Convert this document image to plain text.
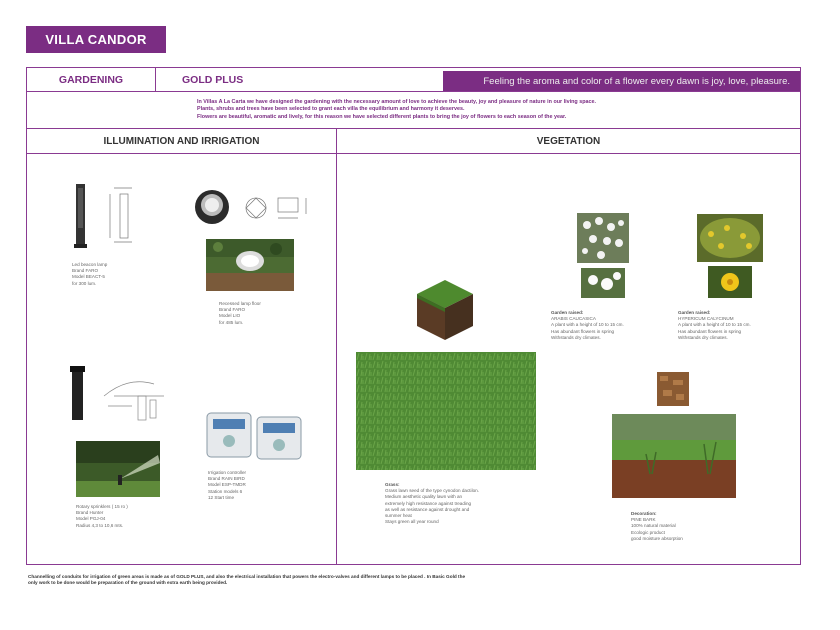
VILLA CANDOR
GARDENING	GOLD PLUS	Feeling the aroma and color of a flower every dawn is joy, love, pleasure.
In Villas A La Carta we have designed the gardening with the necessary amount of love to achieve the beauty, joy and pleasure of nature in our living space.
Plants, shrubs and trees have been selected to grant each villa the equilibrium and harmony it deserves.
Flowers are beautiful, aromatic and lively, for this reason we have selected different plants to bring the joy of flowers to each season of the year.
ILLUMINATION AND IRRIGATION	VEGETATION
Led beacon lamp
Brand FARO
Model BEACT-5
for 300 lum.
Recessed lamp floor
Brand FARO
Model LIO
for 485 lum.
Rotary sprinklers ( 15 ro )
Brand Hunter
Model PGJ-04
Radius 4,3 to 10,6 mts.
Irrigation controller
Brand RAIN BIRD
Model ESP-TMDR
Station models 6
12 Start time
Grass:
Grass lawn seed of the type cynodon dactilon.
Medium aesthetic quality lawn with an
extremely high resistance against treading
as well as resistance against drought and
summer heat
Stays green all year round
Garden raised:
ARABIS CAUCASICA
A plant with a height of 10 to 15 cm.
Has abundant flowers in spring
Withstands dry climates.
Garden raised:
HYPERICUM CALYCINUM
A plant with a height of 10 to 15 cm.
Has abundant flowers in spring
Withstands dry climates.
Decoration:
PINE BARK
100% natural material
Ecologic product
good moisture absorption
Channelling of conduits for irrigation of green areas is made as of GOLD PLUS, and also the electrical installation that powers the electro-valves and different lamps to be placed . In Basic Gold the
only work to be done would be preparation of the ground with extra earth being provided.
